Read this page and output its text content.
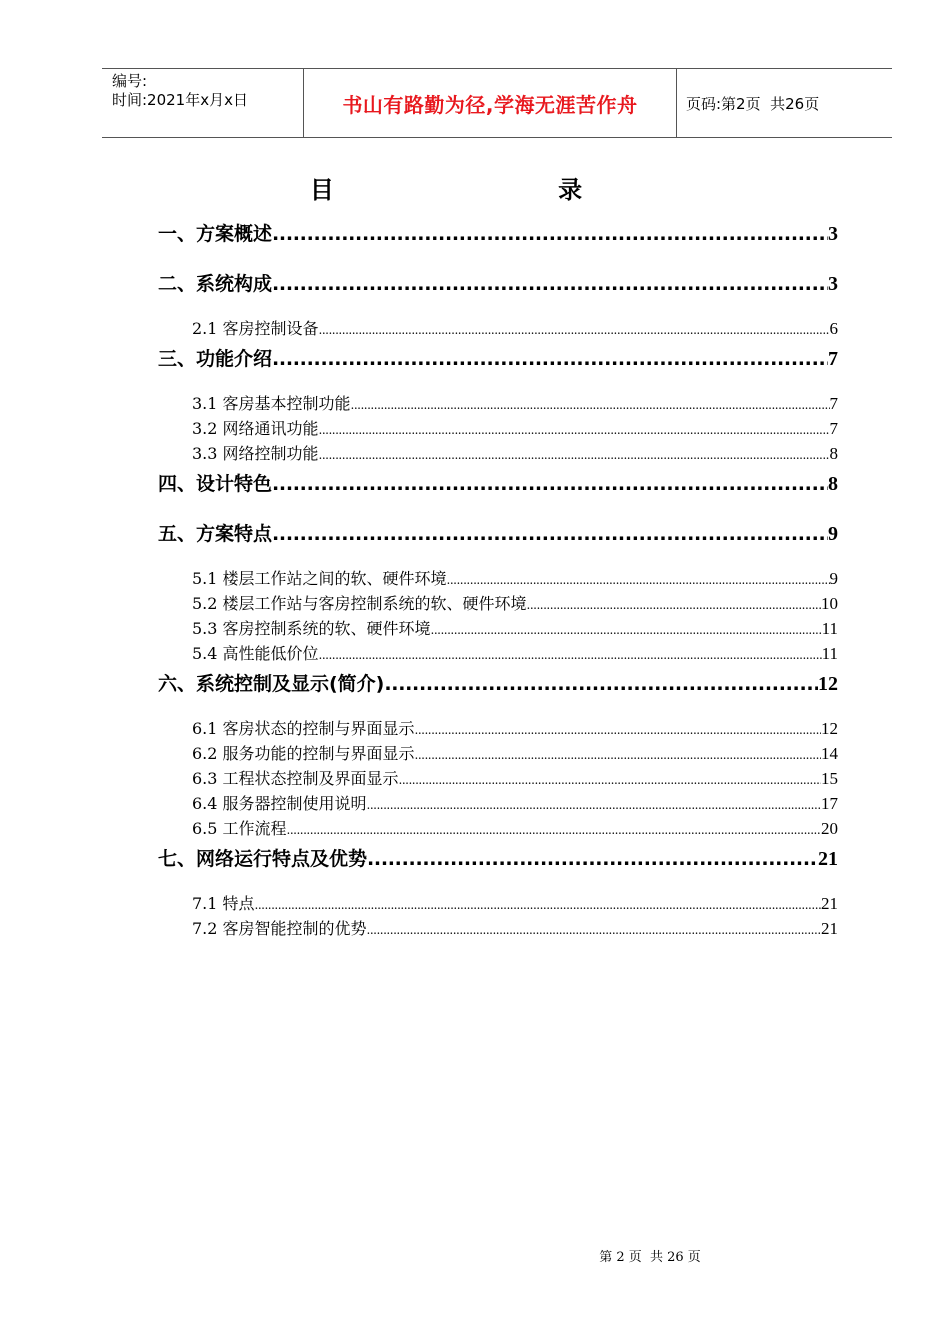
编号:
时间:2021年x月x日	书山有路勤为径,学海无涯苦作舟	页码:第2页  共26页
目 录
一、方案概述 .....	3
二、系统构成 .....	3
2.1 客房控制设备 .....	6
三、功能介绍 .....	7
3.1 客房基本控制功能 .....	7
3.2 网络通讯功能 .....	7
3.3 网络控制功能 .....	8
四、设计特色 .....	8
五、方案特点 .....	9
5.1 楼层工作站之间的软、硬件环境 .....	9
5.2 楼层工作站与客房控制系统的软、硬件环境 .....	10
5.3 客房控制系统的软、硬件环境 .....	11
5.4 高性能低价位 .....	11
六、系统控制及显示(简介) .....	12
6.1 客房状态的控制与界面显示 .....	12
6.2 服务功能的控制与界面显示 .....	14
6.3 工程状态控制及界面显示 .....	15
6.4 服务器控制使用说明 .....	17
6.5 工作流程 .....	20
七、网络运行特点及优势 .....	21
7.1 特点 .....	21
7.2 客房智能控制的优势 .....	21
第 2 页  共 26 页
